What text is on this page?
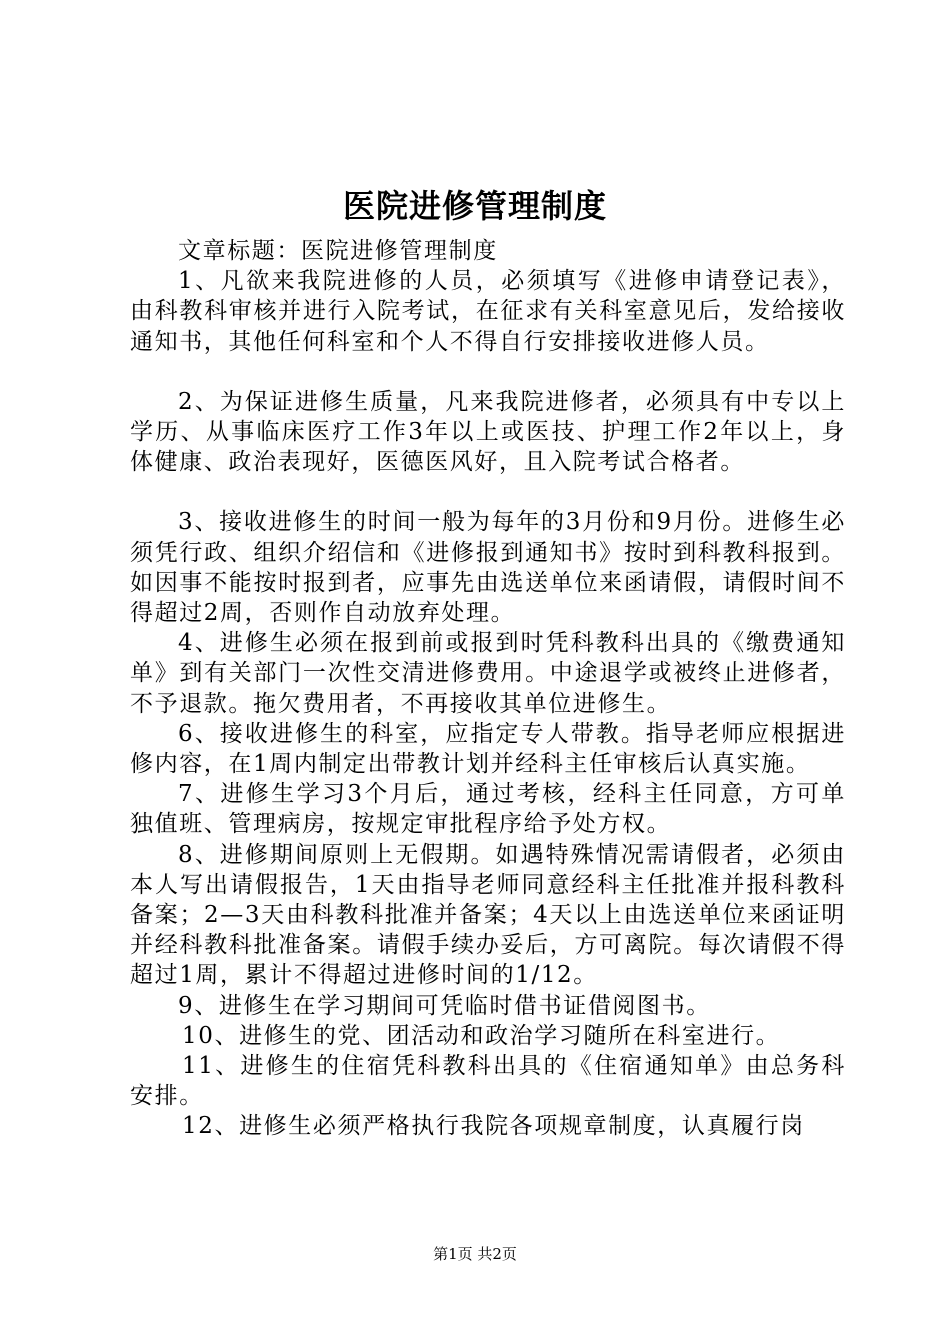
医院进修管理制度

文章标题：医院进修管理制度

1、凡欲来我院进修的人员，必须填写《进修申请登记表》，由科教科审核并进行入院考试，在征求有关科室意见后，发给接收通知书，其他任何科室和个人不得自行安排接收进修人员。

2、为保证进修生质量，凡来我院进修者，必须具有中专以上学历、从事临床医疗工作3年以上或医技、护理工作2年以上，身体健康、政治表现好，医德医风好，且入院考试合格者。

3、接收进修生的时间一般为每年的3月份和9月份。进修生必须凭行政、组织介绍信和《进修报到通知书》按时到科教科报到。如因事不能按时报到者，应事先由选送单位来函请假，请假时间不得超过2周，否则作自动放弃处理。

4、进修生必须在报到前或报到时凭科教科出具的《缴费通知单》到有关部门一次性交清进修费用。中途退学或被终止进修者，不予退款。拖欠费用者，不再接收其单位进修生。

6、接收进修生的科室，应指定专人带教。指导老师应根据进修内容，在1周内制定出带教计划并经科主任审核后认真实施。

7、进修生学习3个月后，通过考核，经科主任同意，方可单独值班、管理病房，按规定审批程序给予处方权。

8、进修期间原则上无假期。如遇特殊情况需请假者，必须由本人写出请假报告，1天由指导老师同意经科主任批准并报科教科备案；2—3天由科教科批准并备案；4天以上由选送单位来函证明并经科教科批准备案。请假手续办妥后，方可离院。每次请假不得超过1周，累计不得超过进修时间的1/12。

9、进修生在学习期间可凭临时借书证借阅图书。

10、进修生的党、团活动和政治学习随所在科室进行。

11、进修生的住宿凭科教科出具的《住宿通知单》由总务科安排。

12、进修生必须严格执行我院各项规章制度，认真履行岗

第1页 共2页
